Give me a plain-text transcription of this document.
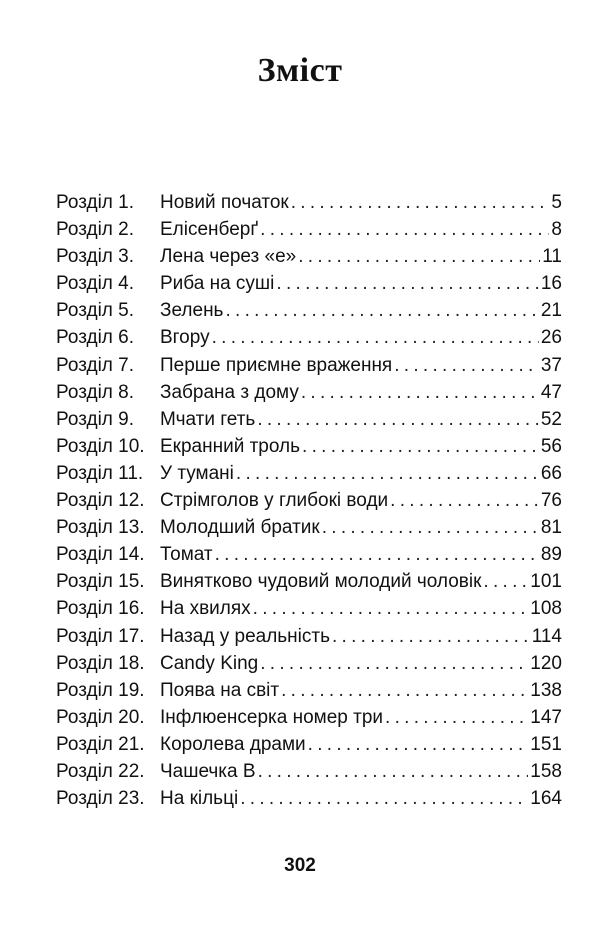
Зміст
Розділ 1.	Новий початок . . .	5
Розділ 2.	Елісенберґ . . .	8
Розділ 3.	Лена через «е» . . .	11
Розділ 4.	Риба на суші . . .	16
Розділ 5.	Зелень . . .	21
Розділ 6.	Вгору . . .	26
Розділ 7.	Перше приємне враження . . .	37
Розділ 8.	Забрана з дому . . .	47
Розділ 9.	Мчати геть . . .	52
Розділ 10. Екранний троль . . .	56
Розділ 11. У тумані . . .	66
Розділ 12. Стрімголов у глибокі води . . .	76
Розділ 13. Молодший братик . . .	81
Розділ 14. Томат . . .	89
Розділ 15. Винятково чудовий молодий чоловік . . .	101
Розділ 16. На хвилях . . .	108
Розділ 17. Назад у реальність . . .	114
Розділ 18. Candy King . . .	120
Розділ 19. Поява на світ . . .	138
Розділ 20. Інфлюенсерка номер три . . .	147
Розділ 21. Королева драми . . .	151
Розділ 22. Чашечка В . . .	158
Розділ 23. На кільці . . .	164
302
